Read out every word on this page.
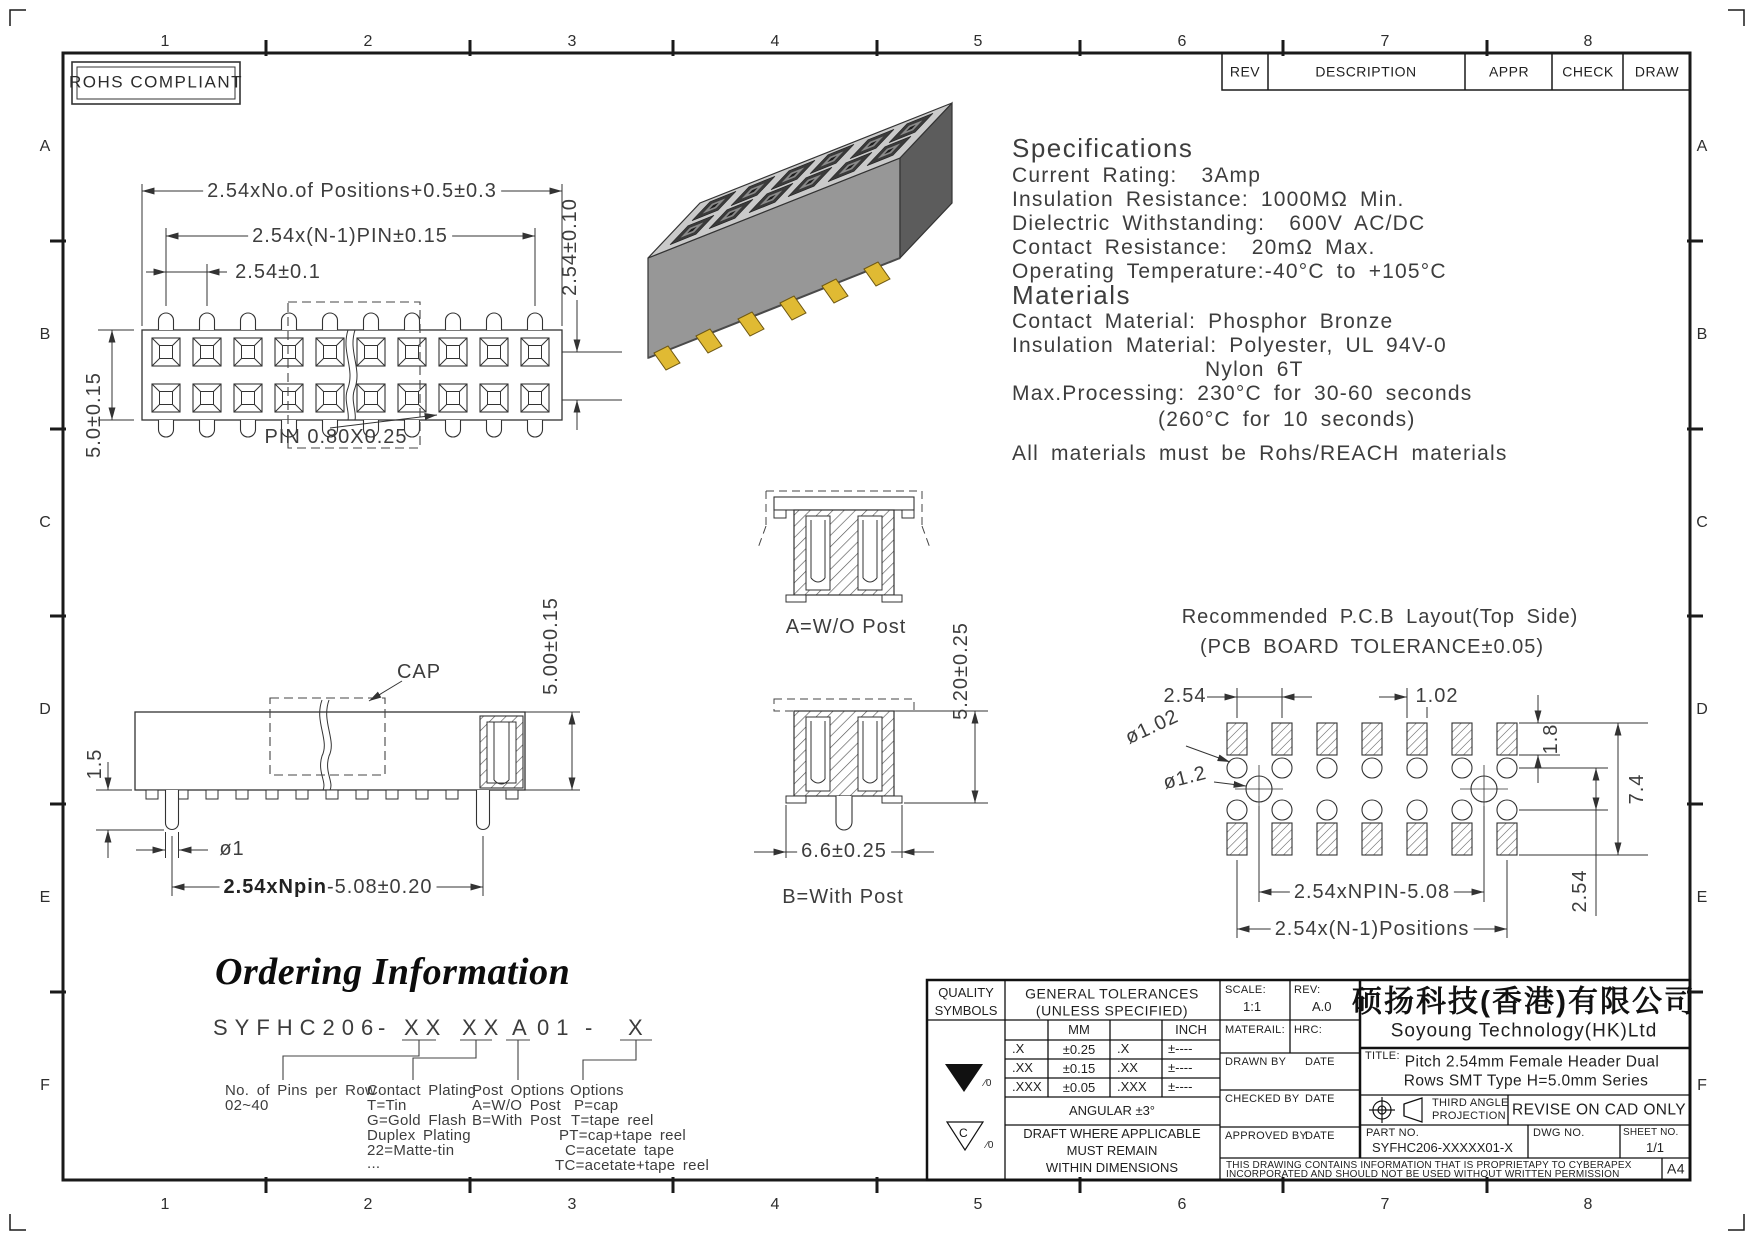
C
1	2	3	4	5	6	7	8
1	2	3	4	5	6	7	8
A
B
C
D
E
F
A
B
C
D
E
F
ROHS COMPLIANT
REV	DESCRIPTION	APPR CHECK DRAW
Specifications
Current Rating:  3Amp
Insulation Resistance: 1000MΩ Min.
Dielectric Withstanding:  600V AC/DC
Contact Resistance:  20mΩ Max.
Operating Temperature:-40°C to +105°C
Materials
Contact Material: Phosphor Bronze
Insulation Material: Polyester, UL 94V-0
Nylon 6T
Max.Processing: 230°C for 30-60 seconds
(260°C for 10 seconds)
All materials must be Rohs/REACH materials
2.54xNo.of Positions+0.5±0.3
2.54x(N-1)PIN±0.15
2.54±0.1	2.54±0.10
5.0±0.15	PIN 0.80X0.25
CAP	5.00±0.15
1.5
ø1
2.54xNpin-5.08±0.20
A=W/O Post
B=With Post
5.20±0.25
6.6±0.25
Recommended P.C.B Layout(Top Side)
(PCB BOARD TOLERANCE±0.05)
2.54	1.02
ø1.02
ø1.2
1.8
7.4
2.54
2.54xNPIN-5.08
2.54x(N-1)Positions
Ordering Information
SYFHC206
- XX XX A 01 - X
No. of Pins per Row
02~40
Contact Plating
T=Tin
G=Gold Flash
Duplex Plating
22=Matte-tin
...
Post Options
A=W/O Post
B=With Post
Options
P=cap
T=tape reel
PT=cap+tape reel
C=acetate tape
TC=acetate+tape reel
QUALITY
SYMBOLS
∕0
∕0
GENERAL TOLERANCES
(UNLESS SPECIFIED)
MM	INCH
.X	±0.25 .X	±----
.XX ±0.15 .XX ±----
.XXX ±0.05 .XXX ±----
ANGULAR ±3°
DRAFT WHERE APPLICABLE
MUST REMAIN
WITHIN DIMENSIONS
SCALE:
1:1
REV:
A.0
MATERAIL: HRC:
DRAWN BY DATE
CHECKED BY DATE
APPROVED BY
DATE
硕扬科技(香港)有限公司
Soyoung Technology(HK)Ltd
TITLE: Pitch 2.54mm Female Header Dual
Rows SMT Type H=5.0mm Series
THIRD ANGLE
PROJECTION REVISE ON CAD ONLY
PART NO.
SYFHC206-XXXXX01-X
DWG NO.	SHEET NO.
1/1
THIS DRAWING CONTAINS INFORMATION THAT IS PROPRIETAPY TO CYBERAPEX
INCORPORATED AND SHOULD NOT BE USED WITHOUT WRITTEN PERMISSION	A4
